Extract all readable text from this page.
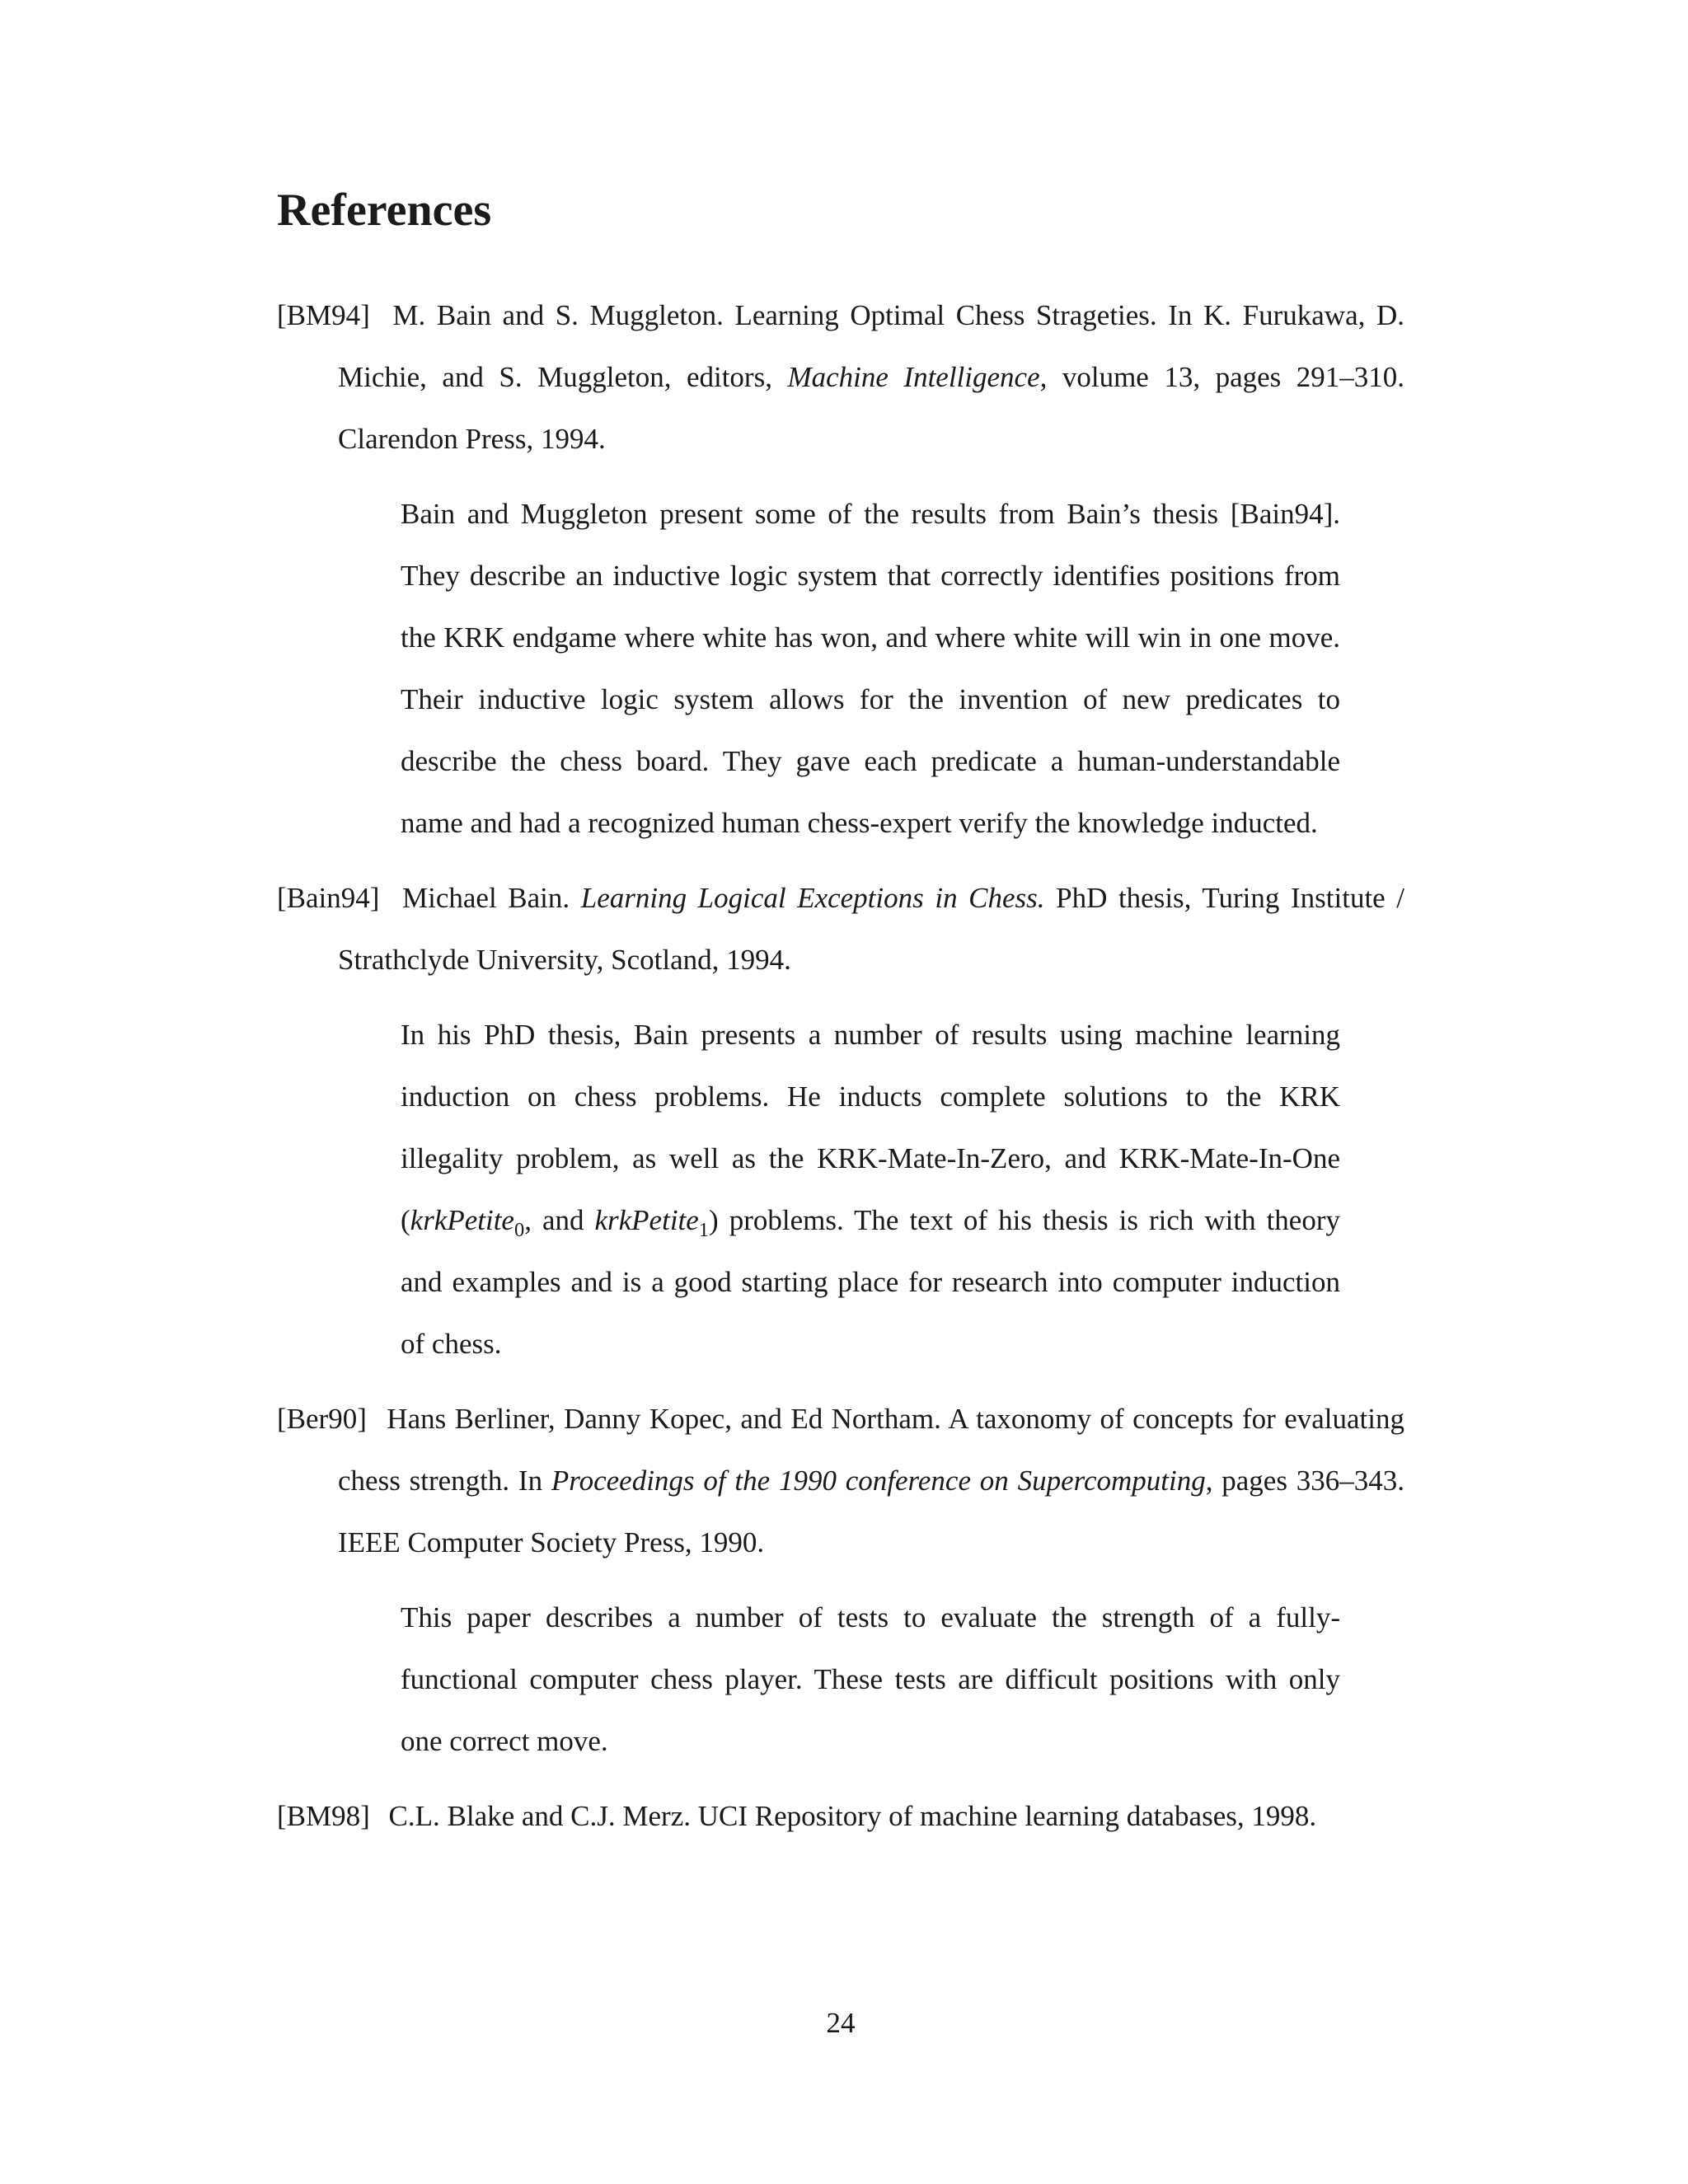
References

[BM94] M. Bain and S. Muggleton. Learning Optimal Chess Strageties. In K. Furukawa, D. Michie, and S. Muggleton, editors, Machine Intelligence, volume 13, pages 291–310. Clarendon Press, 1994.

Bain and Muggleton present some of the results from Bain’s thesis [Bain94]. They describe an inductive logic system that correctly identifies positions from the KRK endgame where white has won, and where white will win in one move. Their inductive logic system allows for the invention of new predicates to describe the chess board. They gave each predicate a human-understandable name and had a recognized human chess-expert verify the knowledge inducted.

[Bain94] Michael Bain. Learning Logical Exceptions in Chess. PhD thesis, Turing Institute / Strathclyde University, Scotland, 1994.

In his PhD thesis, Bain presents a number of results using machine learning induction on chess problems. He inducts complete solutions to the KRK illegality problem, as well as the KRK-Mate-In-Zero, and KRK-Mate-In-One (krkPetite$_0$, and krkPetite$_1$) problems. The text of his thesis is rich with theory and examples and is a good starting place for research into computer induction of chess.

[Ber90] Hans Berliner, Danny Kopec, and Ed Northam. A taxonomy of concepts for evaluating chess strength. In Proceedings of the 1990 conference on Supercomputing, pages 336–343. IEEE Computer Society Press, 1990.

This paper describes a number of tests to evaluate the strength of a fully-functional computer chess player. These tests are difficult positions with only one correct move.

[BM98] C.L. Blake and C.J. Merz. UCI Repository of machine learning databases, 1998.

24
